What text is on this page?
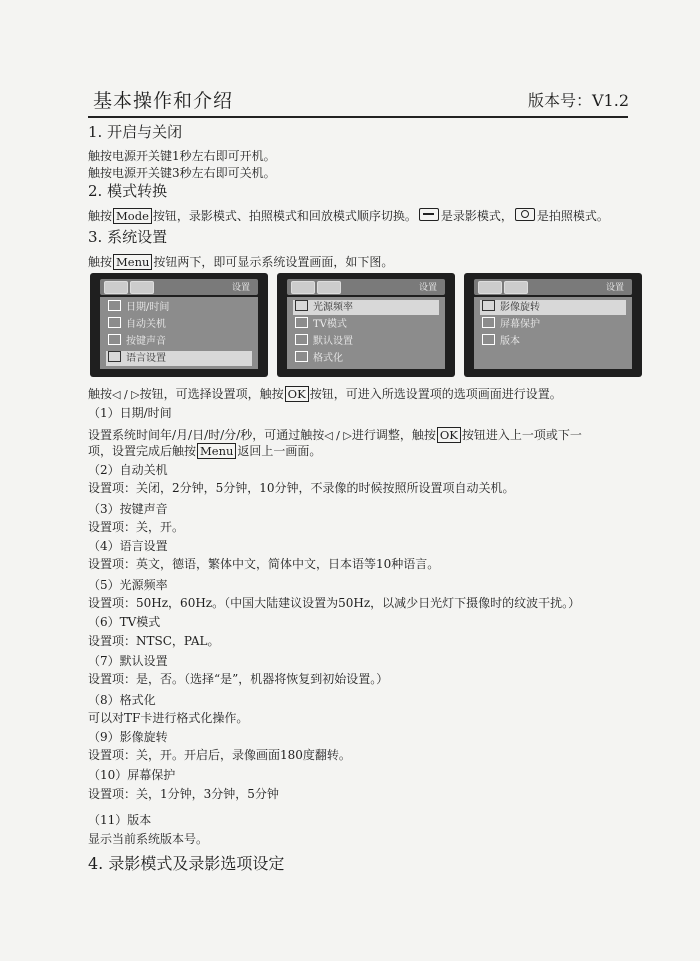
基本操作和介绍	版本号：V1.2
1. 开启与关闭
触按电源开关键1秒左右即可开机。
触按电源开关键3秒左右即可关机。
2. 模式转换
触按 Mode 按钮，录影模式、拍照模式和回放模式顺序切换。 是录影模式， 是拍照模式。
3. 系统设置
触按 Menu 按钮两下，即可显示系统设置画面，如下图。
设置
日期/时间
自动关机
按键声音
语言设置
设置
光源频率
TV模式
默认设置
格式化
设置
影像旋转
屏幕保护
版本
触按◁ / ▷按钮，可选择设置项，触按 OK 按钮，可进入所选设置项的选项画面进行设置。
（1）日期/时间
设置系统时间年/月/日/时/分/秒，可通过触按◁ / ▷进行调整，触按 OK 按钮进入上一项或下一
项，设置完成后触按 Menu 返回上一画面。
（2）自动关机
设置项：关闭，2分钟，5分钟，10分钟，不录像的时候按照所设置项自动关机。
（3）按键声音
设置项：关，开。
（4）语言设置
设置项：英文，德语，繁体中文，简体中文，日本语等10种语言。
（5）光源频率
设置项：50Hz，60Hz。（中国大陆建议设置为50Hz，以减少日光灯下摄像时的纹波干扰。）
（6）TV模式
设置项：NTSC，PAL。
（7）默认设置
设置项：是，否。（选择“是”，机器将恢复到初始设置。）
（8）格式化
可以对TF卡进行格式化操作。
（9）影像旋转
设置项：关，开。开启后，录像画面180度翻转。
（10）屏幕保护
设置项：关，1分钟，3分钟，5分钟
（11）版本
显示当前系统版本号。
4. 录影模式及录影选项设定
